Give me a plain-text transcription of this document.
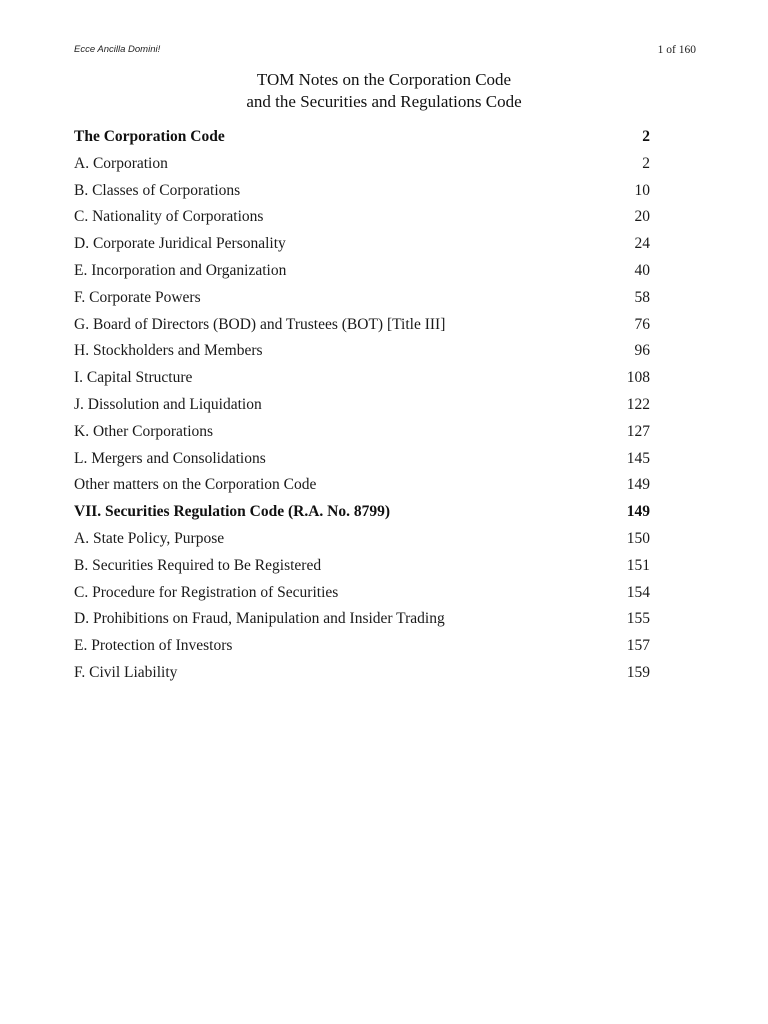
Ecce Ancilla Domini!	1 of 160
TOM Notes on the Corporation Code
and the Securities and Regulations Code
The Corporation Code	2
A. Corporation	2
B. Classes of Corporations	10
C. Nationality of Corporations	20
D. Corporate Juridical Personality	24
E. Incorporation and Organization	40
F. Corporate Powers	58
G. Board of Directors (BOD) and Trustees (BOT) [Title III]	76
H. Stockholders and Members	96
I. Capital Structure	108
J. Dissolution and Liquidation	122
K. Other Corporations	127
L. Mergers and Consolidations	145
Other matters on the Corporation Code	149
VII. Securities Regulation Code (R.A. No. 8799)	149
A. State Policy, Purpose	150
B. Securities Required to Be Registered	151
C. Procedure for Registration of Securities	154
D. Prohibitions on Fraud, Manipulation and Insider Trading	155
E. Protection of Investors	157
F. Civil Liability	159
